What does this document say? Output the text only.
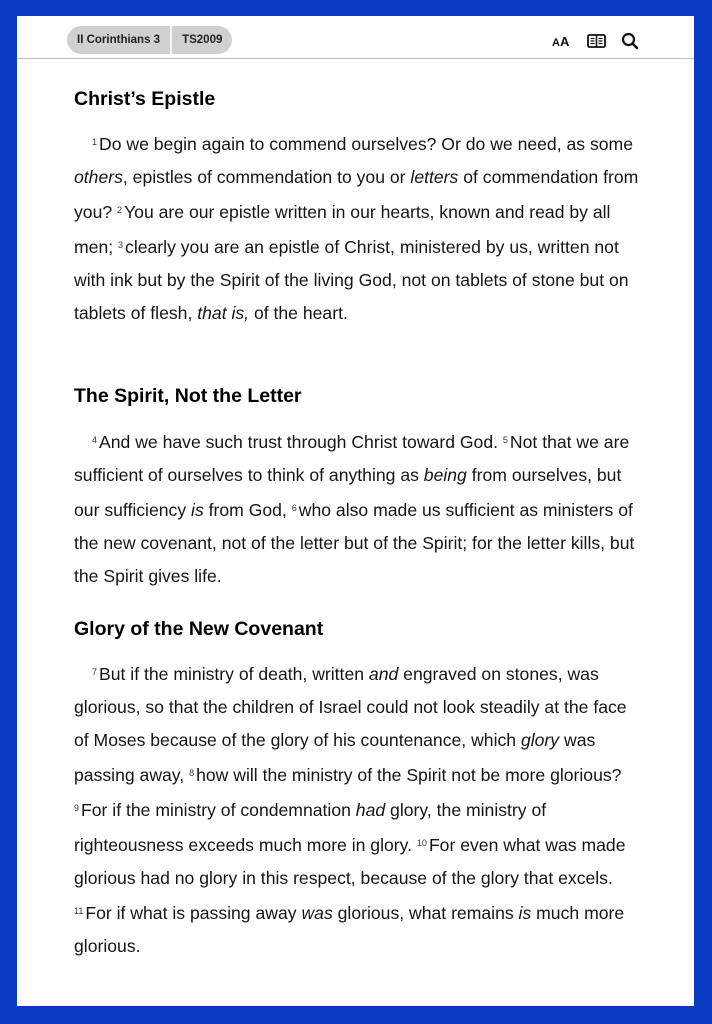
II Corinthians 3	TS2009	A A
Christ’s Epistle

$^1$ Do we begin again to commend ourselves? Or do we need, as some others, epistles of commendation to you or letters of commendation from you? $^2$ You are our epistle written in our hearts, known and read by all men; $^3$ clearly you are an epistle of Christ, ministered by us, written not with ink but by the Spirit of the living God, not on tablets of stone but on tablets of flesh, that is, of the heart.

The Spirit, Not the Letter

$^4$ And we have such trust through Christ toward God. $^5$ Not that we are sufficient of ourselves to think of anything as being from ourselves, but our sufficiency is from God, $^6$ who also made us sufficient as ministers of the new covenant, not of the letter but of the Spirit; for the letter kills, but the Spirit gives life.

Glory of the New Covenant

$^7$ But if the ministry of death, written and engraved on stones, was glorious, so that the children of Israel could not look steadily at the face of Moses because of the glory of his countenance, which glory was passing away, $^8$ how will the ministry of the Spirit not be more glorious? $^9$ For if the ministry of condemnation had glory, the ministry of righteousness exceeds much more in glory. $^{10}$ For even what was made glorious had no glory in this respect, because of the glory that excels. $^{11}$ For if what is passing away was glorious, what remains is much more glorious.
